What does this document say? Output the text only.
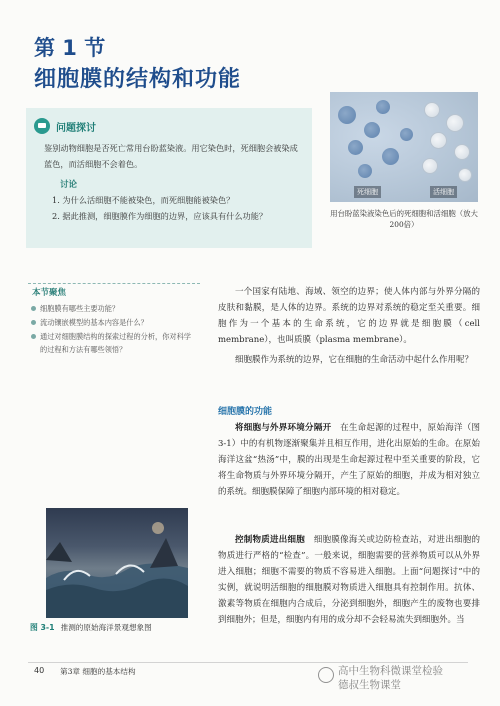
第 1 节
细胞膜的结构和功能
问题探讨
鉴别动物细胞是否死亡常用台盼蓝染液。用它染色时，死细胞会被染成蓝色，而活细胞不会着色。
讨论
1. 为什么活细胞不能被染色，而死细胞能被染色？
2. 据此推测，细胞膜作为细胞的边界，应该具有什么功能？
死细胞	活细胞
用台盼蓝染液染色后的死细胞和活细胞（放大200倍）
本节聚焦
细胞膜有哪些主要功能？
流动镶嵌模型的基本内容是什么？
通过对细胞膜结构的探索过程的分析，你对科学的过程和方法有哪些领悟？

一个国家有陆地、海域、领空的边界；使人体内部与外界分隔的皮肤和黏膜，是人体的边界。系统的边界对系统的稳定至关重要。细胞作为一个基本的生命系统，它的边界就是细胞膜（cell membrane），也叫质膜（plasma membrane）。

细胞膜作为系统的边界，它在细胞的生命活动中起什么作用呢？

细胞膜的功能

将细胞与外界环境分隔开　 在生命起源的过程中，原始海洋（图3-1）中的有机物逐渐聚集并且相互作用，进化出原始的生命。在原始海洋这盆“热汤”中，膜的出现是生命起源过程中至关重要的阶段，它将生命物质与外界环境分隔开，产生了原始的细胞，并成为相对独立的系统。细胞膜保障了细胞内部环境的相对稳定。

控制物质进出细胞　 细胞膜像海关或边防检查站，对进出细胞的物质进行严格的“检查”。一般来说，细胞需要的营养物质可以从外界进入细胞；细胞不需要的物质不容易进入细胞。上面“问题探讨”中的实例，就说明活细胞的细胞膜对物质进入细胞具有控制作用。抗体、激素等物质在细胞内合成后，分泌到细胞外，细胞产生的废物也要排到细胞外；但是，细胞内有用的成分却不会轻易流失到细胞外。当

图 3-1 推测的原始海洋景观想象图
40 第3章 细胞的基本结构	高中生物科微课堂检验
德叔生物课堂
